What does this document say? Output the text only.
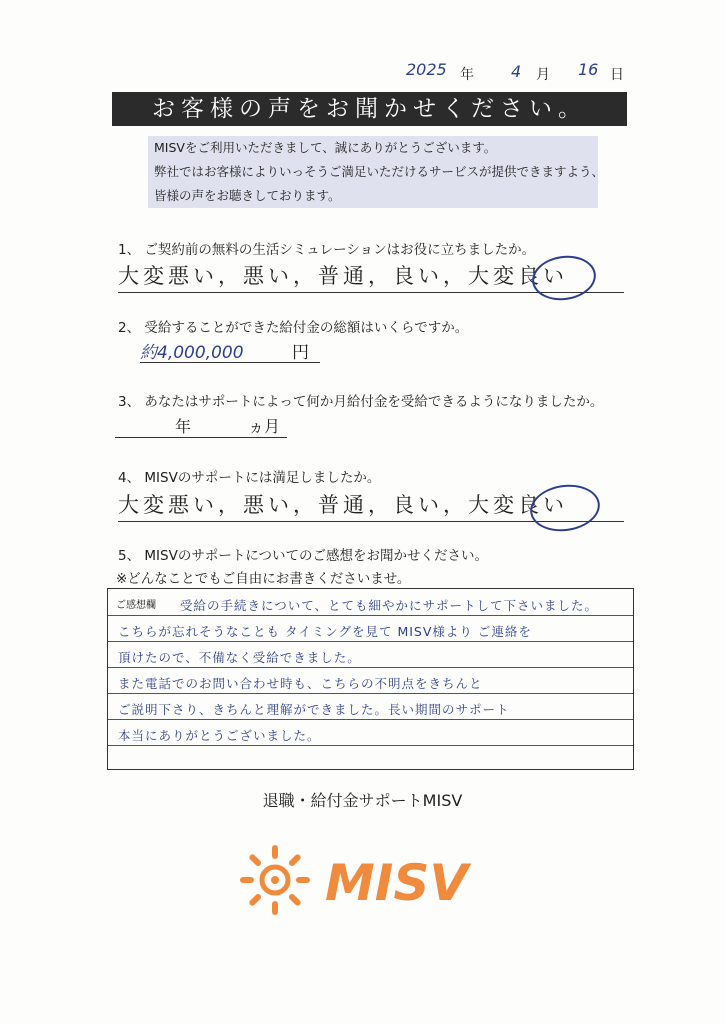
2025 年 4 月 16 日
お客様の声をお聞かせください。
MISVをご利用いただきまして、誠にありがとうございます。
弊社ではお客様によりいっそうご満足いただけるサービスが提供できますよう、
皆様の声をお聴きしております。
1、 ご契約前の無料の生活シミュレーションはお役に立ちましたか。
大変悪い，悪い，普通，良い，大変良い
2、 受給することができた給付金の総額はいくらですか。
約4,000,000	円
3、 あなたはサポートによって何か月給付金を受給できるようになりましたか。
年	ヵ月
4、 MISVのサポートには満足しましたか。
大変悪い，悪い，普通，良い，大変良い
5、 MISVのサポートについてのご感想をお聞かせください。
※どんなことでもご自由にお書きくださいませ。
ご感想欄 受給の手続きについて、とても細やかにサポートして下さいました。
こちらが忘れそうなことも タイミングを見て MISV様より ご連絡を
頂けたので、不備なく受給できました。
また電話でのお問い合わせ時も、こちらの不明点をきちんと
ご説明下さり、きちんと理解ができました。長い期間のサポート
本当にありがとうございました。
退職・給付金サポートMISV
MISV
